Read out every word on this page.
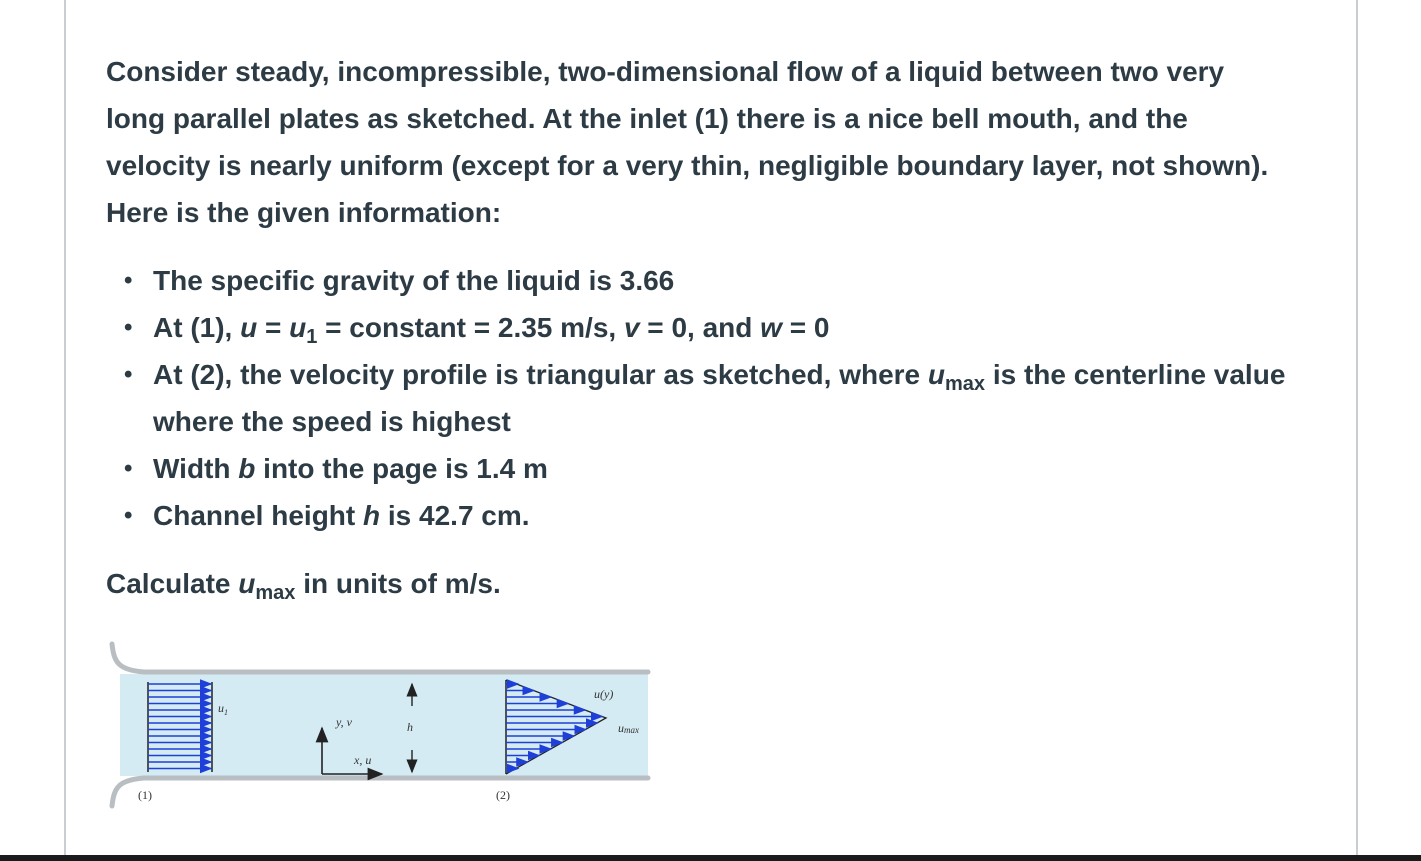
Consider steady, incompressible, two-dimensional flow of a liquid between two very
long parallel plates as sketched. At the inlet (1) there is a nice bell mouth, and the
velocity is nearly uniform (except for a very thin, negligible boundary layer, not shown).
Here is the given information:

• The specific gravity of the liquid is 3.66
• At (1), $u = u_1$ = constant = 2.35 m/s, v = 0, and w = 0
• At (2), the velocity profile is triangular as sketched, where $u_{max}$ is the centerline value where the speed is highest
• Width b into the page is 1.4 m
• Channel height h is 42.7 cm.

Calculate $u_{max}$ in units of m/s.

$u_1$
y, v
x, u
h
u(y)
umax
(1)	(2)
